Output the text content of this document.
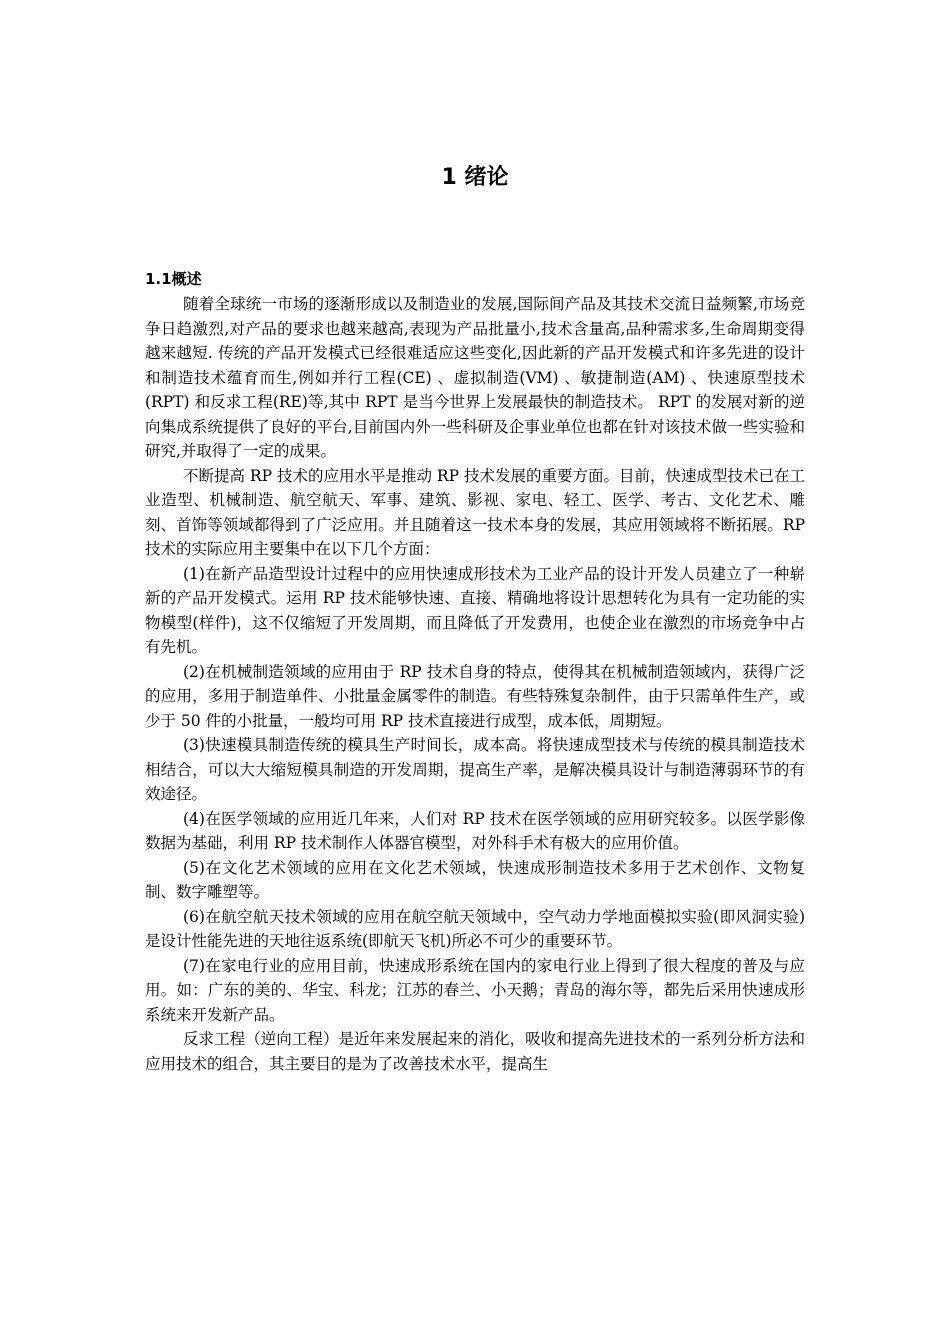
1 绪论
1.1概述

随着全球统一市场的逐渐形成以及制造业的发展,国际间产品及其技术交流日益频繁,市场竞争日趋激烈,对产品的要求也越来越高,表现为产品批量小,技术含量高,品种需求多,生命周期变得越来越短. 传统的产品开发模式已经很难适应这些变化,因此新的产品开发模式和许多先进的设计和制造技术蕴育而生,例如并行工程(CE) 、虚拟制造(VM) 、敏捷制造(AM) 、快速原型技术(RPT) 和反求工程(RE)等,其中 RPT 是当今世界上发展最快的制造技术。 RPT 的发展对新的逆向集成系统提供了良好的平台,目前国内外一些科研及企事业单位也都在针对该技术做一些实验和研究,并取得了一定的成果。

不断提高 RP 技术的应用水平是推动 RP 技术发展的重要方面。目前，快速成型技术已在工业造型、机械制造、航空航天、军事、建筑、影视、家电、轻工、医学、考古、文化艺术、雕刻、首饰等领域都得到了广泛应用。并且随着这一技术本身的发展，其应用领域将不断拓展。RP 技术的实际应用主要集中在以下几个方面：

(1)在新产品造型设计过程中的应用快速成形技术为工业产品的设计开发人员建立了一种崭新的产品开发模式。运用 RP 技术能够快速、直接、精确地将设计思想转化为具有一定功能的实物模型(样件)，这不仅缩短了开发周期，而且降低了开发费用，也使企业在激烈的市场竞争中占有先机。

(2)在机械制造领域的应用由于 RP 技术自身的特点，使得其在机械制造领域内，获得广泛的应用，多用于制造单件、小批量金属零件的制造。有些特殊复杂制件，由于只需单件生产，或少于 50 件的小批量，一般均可用 RP 技术直接进行成型，成本低，周期短。

(3)快速模具制造传统的模具生产时间长，成本高。将快速成型技术与传统的模具制造技术相结合，可以大大缩短模具制造的开发周期，提高生产率，是解决模具设计与制造薄弱环节的有效途径。

(4)在医学领域的应用近几年来，人们对 RP 技术在医学领域的应用研究较多。以医学影像数据为基础，利用 RP 技术制作人体器官模型，对外科手术有极大的应用价值。

(5)在文化艺术领域的应用在文化艺术领域，快速成形制造技术多用于艺术创作、文物复制、数字雕塑等。

(6)在航空航天技术领域的应用在航空航天领域中，空气动力学地面模拟实验(即风洞实验)是设计性能先进的天地往返系统(即航天飞机)所必不可少的重要环节。

(7)在家电行业的应用目前，快速成形系统在国内的家电行业上得到了很大程度的普及与应用。如：广东的美的、华宝、科龙；江苏的春兰、小天鹅；青岛的海尔等，都先后采用快速成形系统来开发新产品。

反求工程（逆向工程）是近年来发展起来的消化，吸收和提高先进技术的一系列分析方法和应用技术的组合，其主要目的是为了改善技术水平，提高生
